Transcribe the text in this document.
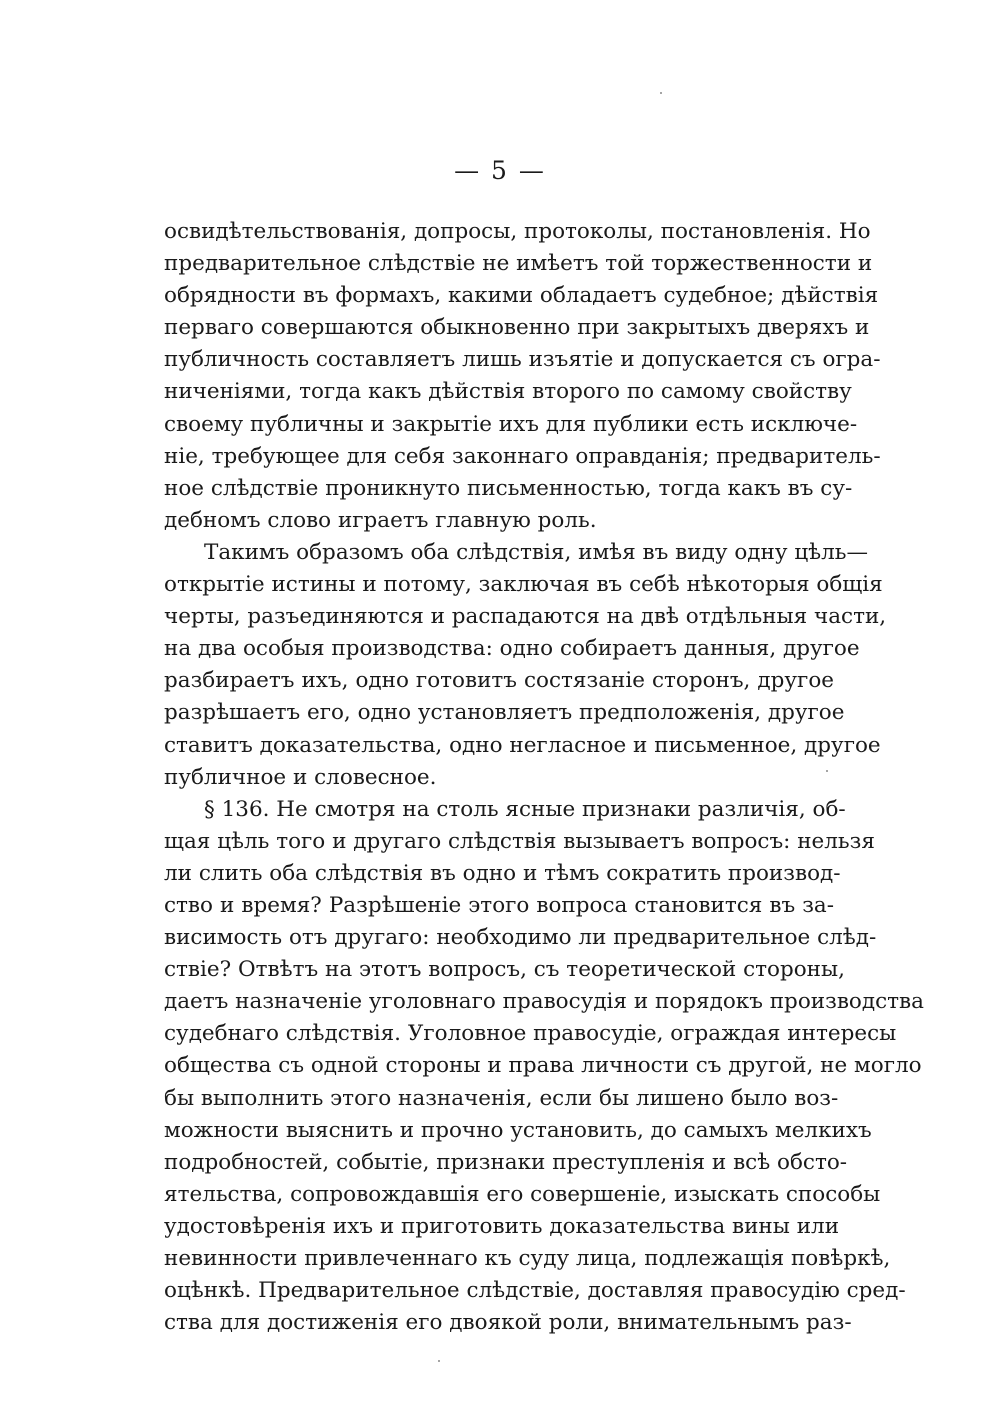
— 5 —
освидѣтельствованія, допросы, протоколы, постановленія. Но
предварительное слѣдствіе не имѣетъ той торжественности и
обрядности въ формахъ, какими обладаетъ судебное; дѣйствія
перваго совершаются обыкновенно при закрытыхъ дверяхъ и
публичность составляетъ лишь изъятіе и допускается съ огра-
ниченіями, тогда какъ дѣйствія второго по самому свойству
своему публичны и закрытіе ихъ для публики есть исключе-
ніе, требующее для себя законнаго оправданія; предваритель-
ное слѣдствіе проникнуто письменностью, тогда какъ въ су-
дебномъ слово играетъ главную роль.
Такимъ образомъ оба слѣдствія, имѣя въ виду одну цѣль—
открытіе истины и потому, заключая въ себѣ нѣкоторыя общія
черты, разъединяются и распадаются на двѣ отдѣльныя части,
на два особыя производства: одно собираетъ данныя, другое
разбираетъ ихъ, одно готовитъ состязаніе сторонъ, другое
разрѣшаетъ его, одно установляетъ предположенія, другое
ставитъ доказательства, одно негласное и письменное, другое
публичное и словесное.
§ 136. Не смотря на столь ясные признаки различія, об-
щая цѣль того и другаго слѣдствія вызываетъ вопросъ: нельзя
ли слить оба слѣдствія въ одно и тѣмъ сократить производ-
ство и время? Разрѣшеніе этого вопроса становится въ за-
висимость отъ другаго: необходимо ли предварительное слѣд-
ствіе? Отвѣтъ на этотъ вопросъ, съ теоретической стороны,
даетъ назначеніе уголовнаго правосудія и порядокъ производства
судебнаго слѣдствія. Уголовное правосудіе, ограждая интересы
общества съ одной стороны и права личности съ другой, не могло
бы выполнить этого назначенія, если бы лишено было воз-
можности выяснить и прочно установить, до самыхъ мелкихъ
подробностей, событіе, признаки преступленія и всѣ обсто-
ятельства, сопровождавшія его совершеніе, изыскать способы
удостовѣренія ихъ и приготовить доказательства вины или
невинности привлеченнаго къ суду лица, подлежащія повѣркѣ,
оцѣнкѣ. Предварительное слѣдствіе, доставляя правосудію сред-
ства для достиженія его двоякой роли, внимательнымъ раз-
